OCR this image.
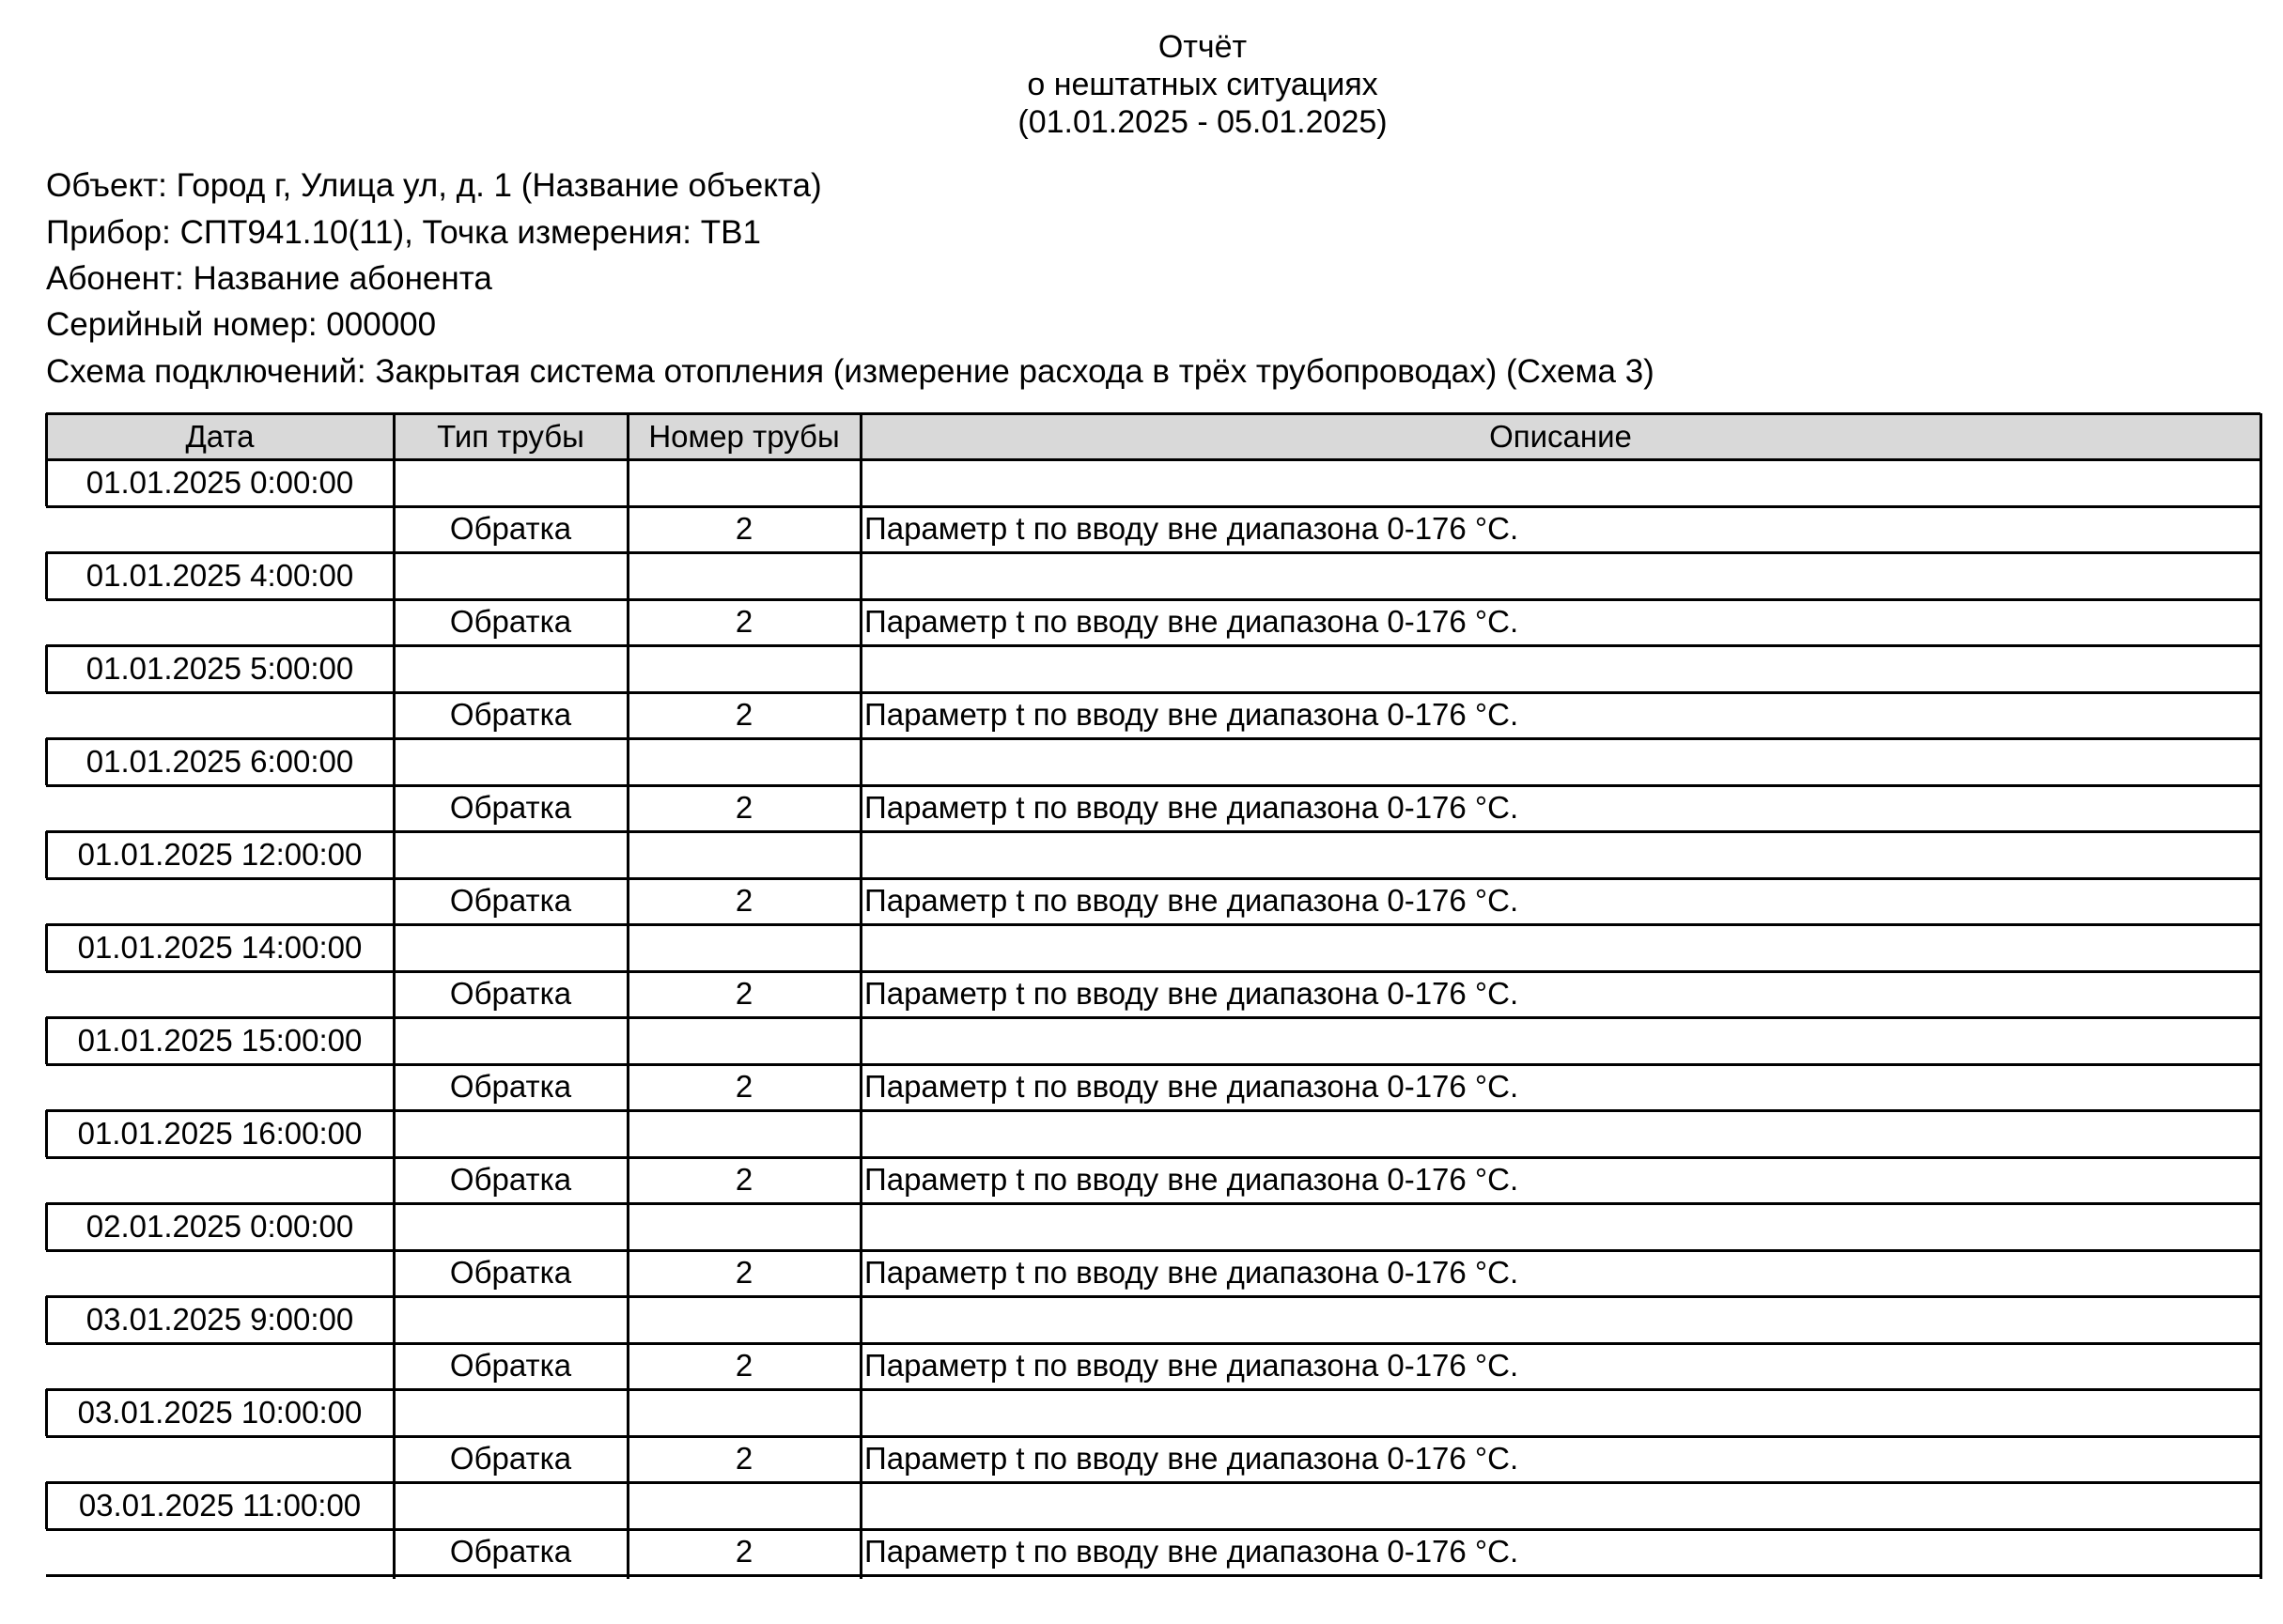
Отчёт
о нештатных ситуациях
(01.01.2025 - 05.01.2025)
Объект: Город г, Улица ул, д. 1 (Название объекта)
Прибор: СПТ941.10(11), Точка измерения: ТВ1
Абонент: Название абонента
Серийный номер: 000000
Схема подключений: Закрытая система отопления (измерение расхода в трёх трубопроводах) (Схема 3)
Дата	Тип трубы	Номер трубы	Описание
01.01.2025 0:00:00
Обратка	2	Параметр t по вводу вне диапазона 0-176 °C.
01.01.2025 4:00:00
Обратка	2	Параметр t по вводу вне диапазона 0-176 °C.
01.01.2025 5:00:00
Обратка	2	Параметр t по вводу вне диапазона 0-176 °C.
01.01.2025 6:00:00
Обратка	2	Параметр t по вводу вне диапазона 0-176 °C.
01.01.2025 12:00:00
Обратка	2	Параметр t по вводу вне диапазона 0-176 °C.
01.01.2025 14:00:00
Обратка	2	Параметр t по вводу вне диапазона 0-176 °C.
01.01.2025 15:00:00
Обратка	2	Параметр t по вводу вне диапазона 0-176 °C.
01.01.2025 16:00:00
Обратка	2	Параметр t по вводу вне диапазона 0-176 °C.
02.01.2025 0:00:00
Обратка	2	Параметр t по вводу вне диапазона 0-176 °C.
03.01.2025 9:00:00
Обратка	2	Параметр t по вводу вне диапазона 0-176 °C.
03.01.2025 10:00:00
Обратка	2	Параметр t по вводу вне диапазона 0-176 °C.
03.01.2025 11:00:00
Обратка	2	Параметр t по вводу вне диапазона 0-176 °C.
